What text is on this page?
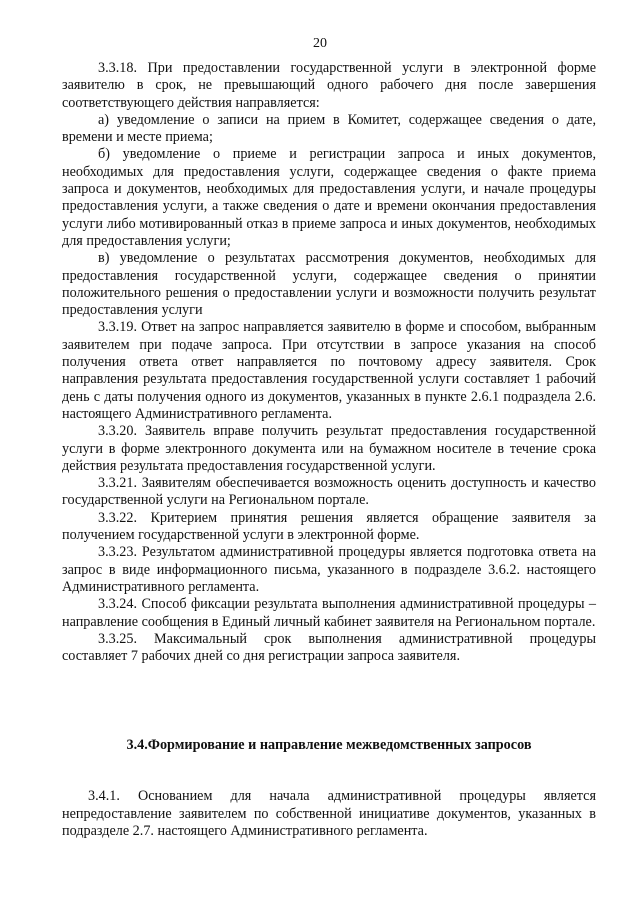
20

3.3.18. При предоставлении государственной услуги в электронной форме заявителю в срок, не превышающий одного рабочего дня после завершения соответствующего действия направляется:

а) уведомление о записи на прием в Комитет, содержащее сведения о дате, времени и месте приема;

б) уведомление о приеме и регистрации запроса и иных документов, необходимых для предоставления услуги, содержащее сведения о факте приема запроса и документов, необходимых для предоставления услуги, и начале процедуры предоставления услуги, а также сведения о дате и времени окончания предоставления услуги либо мотивированный отказ в приеме запроса и иных документов, необходимых для предоставления услуги;

в) уведомление о результатах рассмотрения документов, необходимых для предоставления государственной услуги, содержащее сведения о принятии положительного решения о предоставлении услуги и возможности получить результат предоставления услуги

3.3.19. Ответ на запрос направляется заявителю в форме и способом, выбранным заявителем при подаче запроса. При отсутствии в запросе указания на способ получения ответа ответ направляется по почтовому адресу заявителя. Срок направления результата предоставления государственной услуги составляет 1 рабочий день с даты получения одного из документов, указанных в пункте 2.6.1 подраздела 2.6. настоящего Административного регламента.

3.3.20. Заявитель вправе получить результат предоставления государственной услуги в форме электронного документа или на бумажном носителе в течение срока действия результата предоставления государственной услуги.

3.3.21. Заявителям обеспечивается возможность оценить доступность и качество государственной услуги на Региональном портале.

3.3.22. Критерием принятия решения является обращение заявителя за получением государственной услуги в электронной форме.

3.3.23. Результатом административной процедуры является подготовка ответа на запрос в виде информационного письма, указанного в подразделе 3.6.2. настоящего Административного регламента.

3.3.24. Способ фиксации результата выполнения административной процедуры – направление сообщения в Единый личный кабинет заявителя на Региональном портале.

3.3.25. Максимальный срок выполнения административной процедуры составляет 7 рабочих дней со дня регистрации запроса заявителя.

3.4.Формирование и направление межведомственных запросов

3.4.1. Основанием для начала административной процедуры является непредоставление заявителем по собственной инициативе документов, указанных в подразделе 2.7. настоящего Административного регламента.
